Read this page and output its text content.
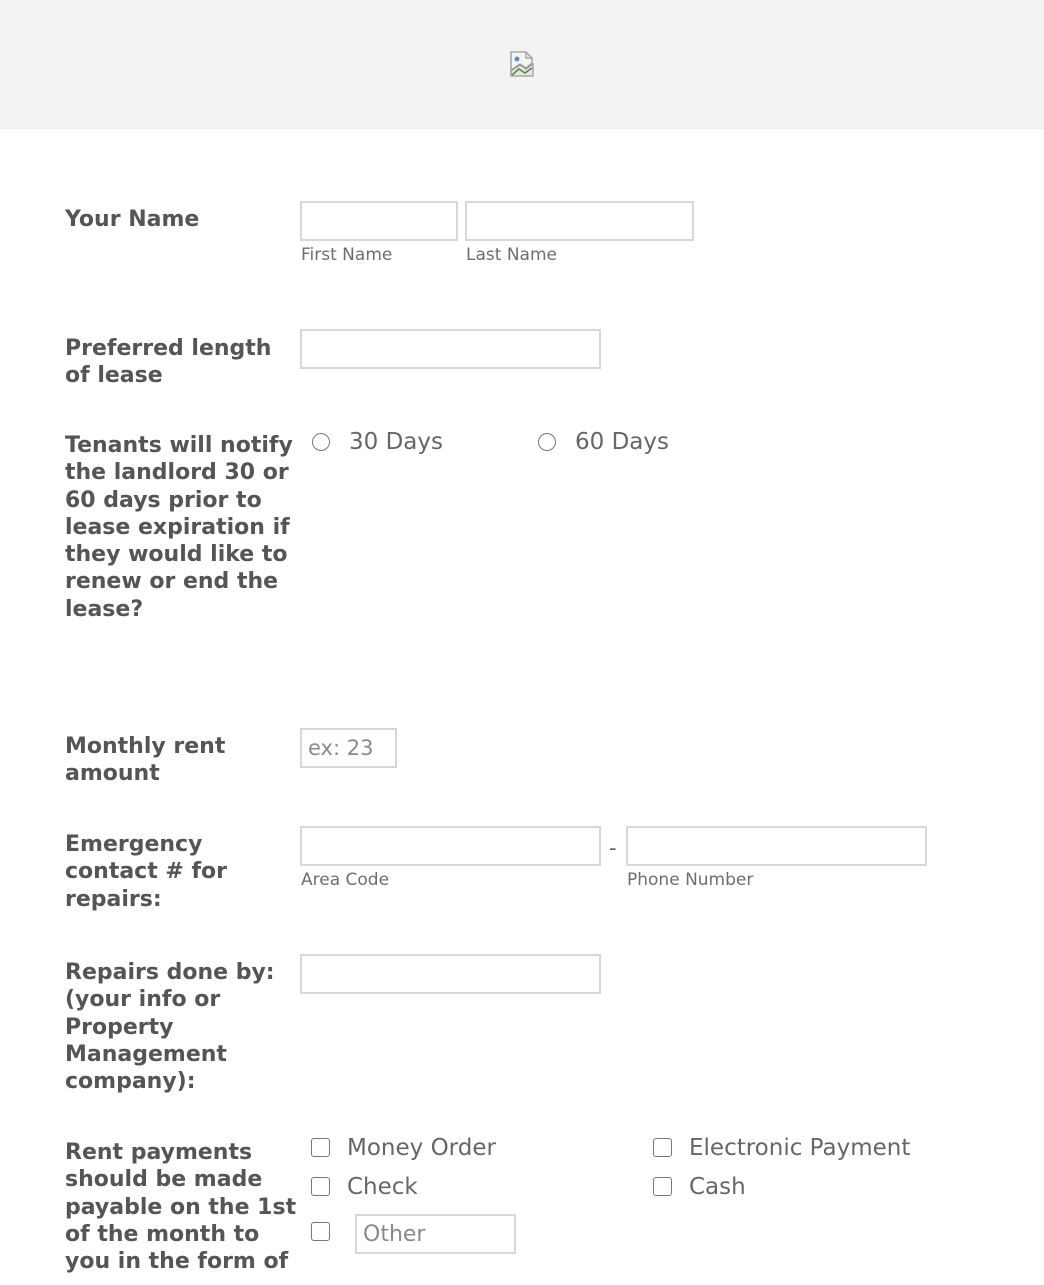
Your Name

First Name	Last Name

Preferred length of lease

Tenants will notify the landlord 30 or 60 days prior to lease expiration if they would like to renew or end the lease?

30 Days	60 Days

Monthly rent amount

ex: 23

Emergency contact # for repairs:

-

Area Code	Phone Number

Repairs done by: (your info or Property Management company):

Rent payments should be made payable on the 1st of the month to you in the form of

Money Order

Check

Electronic Payment

Cash

Other
